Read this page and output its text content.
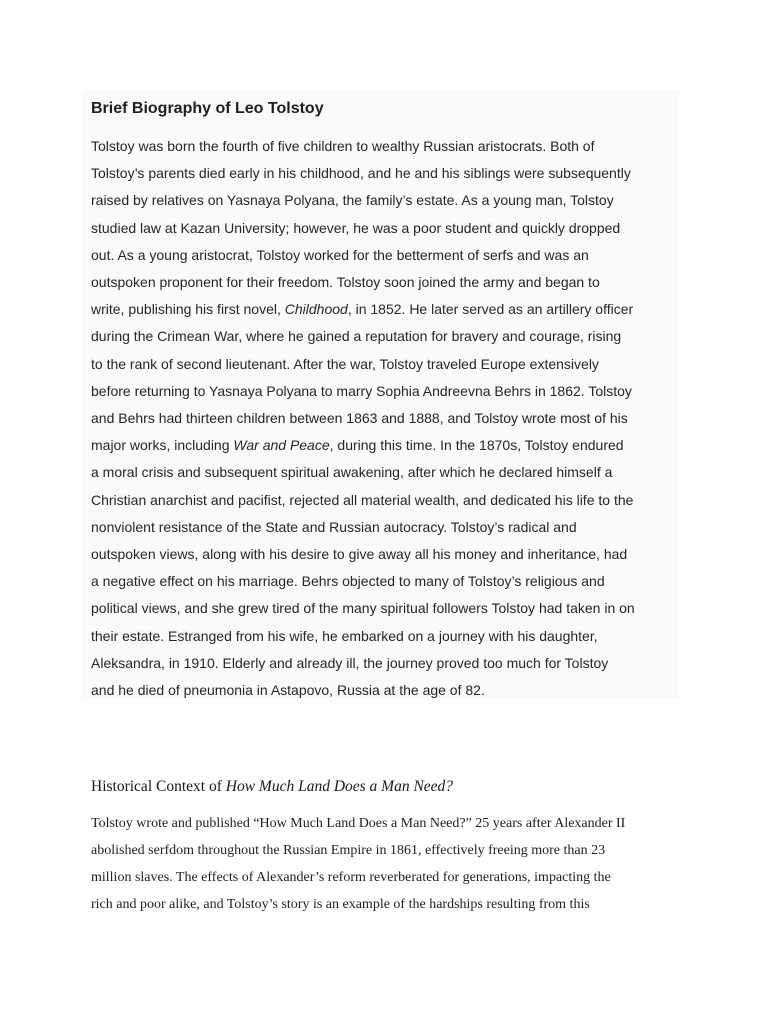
Brief Biography of Leo Tolstoy

Tolstoy was born the fourth of five children to wealthy Russian aristocrats. Both of
Tolstoy’s parents died early in his childhood, and he and his siblings were subsequently
raised by relatives on Yasnaya Polyana, the family’s estate. As a young man, Tolstoy
studied law at Kazan University; however, he was a poor student and quickly dropped
out. As a young aristocrat, Tolstoy worked for the betterment of serfs and was an
outspoken proponent for their freedom. Tolstoy soon joined the army and began to
write, publishing his first novel, Childhood, in 1852. He later served as an artillery officer
during the Crimean War, where he gained a reputation for bravery and courage, rising
to the rank of second lieutenant. After the war, Tolstoy traveled Europe extensively
before returning to Yasnaya Polyana to marry Sophia Andreevna Behrs in 1862. Tolstoy
and Behrs had thirteen children between 1863 and 1888, and Tolstoy wrote most of his
major works, including War and Peace, during this time. In the 1870s, Tolstoy endured
a moral crisis and subsequent spiritual awakening, after which he declared himself a
Christian anarchist and pacifist, rejected all material wealth, and dedicated his life to the
nonviolent resistance of the State and Russian autocracy. Tolstoy’s radical and
outspoken views, along with his desire to give away all his money and inheritance, had
a negative effect on his marriage. Behrs objected to many of Tolstoy’s religious and
political views, and she grew tired of the many spiritual followers Tolstoy had taken in on
their estate. Estranged from his wife, he embarked on a journey with his daughter,
Aleksandra, in 1910. Elderly and already ill, the journey proved too much for Tolstoy
and he died of pneumonia in Astapovo, Russia at the age of 82.

Historical Context of How Much Land Does a Man Need?

Tolstoy wrote and published “How Much Land Does a Man Need?” 25 years after Alexander II
abolished serfdom throughout the Russian Empire in 1861, effectively freeing more than 23
million slaves. The effects of Alexander’s reform reverberated for generations, impacting the
rich and poor alike, and Tolstoy’s story is an example of the hardships resulting from this
